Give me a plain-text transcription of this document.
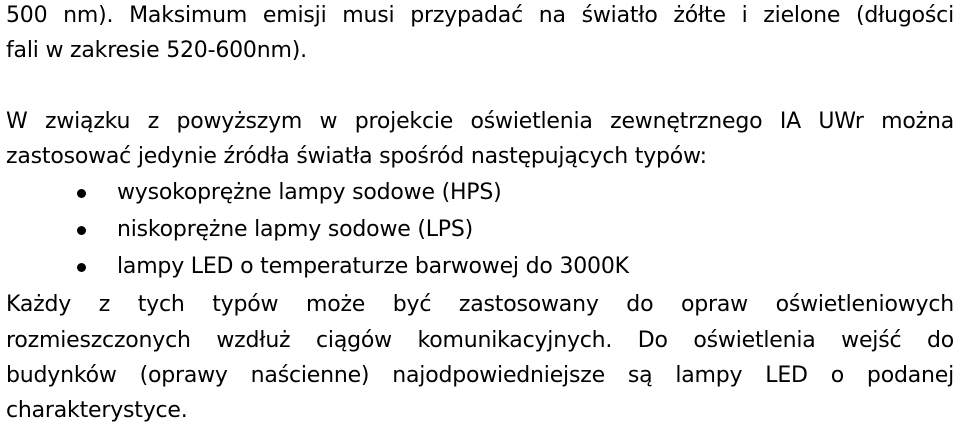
500 nm). Maksimum emisji musi przypadać na światło żółte i zielone (długości
fali w zakresie 520-600nm).
W związku z powyższym w projekcie oświetlenia zewnętrznego IA UWr można
zastosować jedynie źródła światła spośród następujących typów:
wysokoprężne lampy sodowe (HPS)
niskoprężne lapmy sodowe (LPS)
lampy LED o temperaturze barwowej do 3000K
Każdy z tych typów może być zastosowany do opraw oświetleniowych
rozmieszczonych wzdłuż ciągów komunikacyjnych. Do oświetlenia wejść do
budynków (oprawy naścienne) najodpowiedniejsze są lampy LED o podanej
charakterystyce.
